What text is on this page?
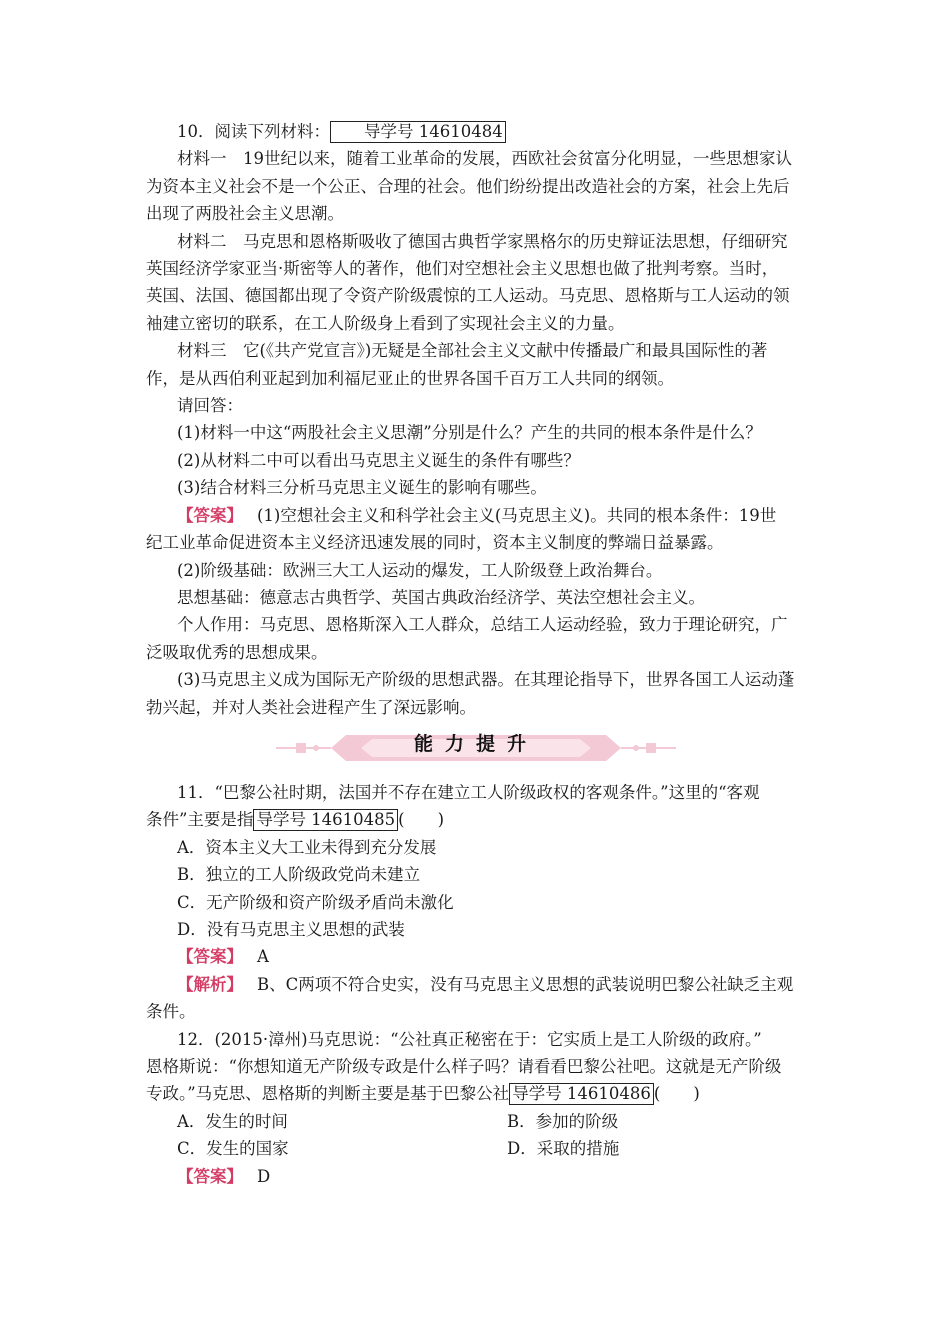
10．阅读下列材料： 导学号 14610484

材料一　19世纪以来，随着工业革命的发展，西欧社会贫富分化明显，一些思想家认

为资本主义社会不是一个公正、合理的社会。他们纷纷提出改造社会的方案，社会上先后

出现了两股社会主义思潮。

材料二　马克思和恩格斯吸收了德国古典哲学家黑格尔的历史辩证法思想，仔细研究

英国经济学家亚当·斯密等人的著作，他们对空想社会主义思想也做了批判考察。当时，

英国、法国、德国都出现了令资产阶级震惊的工人运动。马克思、恩格斯与工人运动的领

袖建立密切的联系，在工人阶级身上看到了实现社会主义的力量。

材料三　它(《共产党宣言》)无疑是全部社会主义文献中传播最广和最具国际性的著

作，是从西伯利亚起到加利福尼亚止的世界各国千百万工人共同的纲领。

请回答：

(1)材料一中这“两股社会主义思潮”分别是什么？产生的共同的根本条件是什么？

(2)从材料二中可以看出马克思主义诞生的条件有哪些？

(3)结合材料三分析马克思主义诞生的影响有哪些。

【答案】 (1)空想社会主义和科学社会主义(马克思主义)。共同的根本条件：19世

纪工业革命促进资本主义经济迅速发展的同时，资本主义制度的弊端日益暴露。

(2)阶级基础：欧洲三大工人运动的爆发，工人阶级登上政治舞台。

思想基础：德意志古典哲学、英国古典政治经济学、英法空想社会主义。

个人作用：马克思、恩格斯深入工人群众，总结工人运动经验，致力于理论研究，广

泛吸取优秀的思想成果。

(3)马克思主义成为国际无产阶级的思想武器。在其理论指导下，世界各国工人运动蓬

勃兴起，并对人类社会进程产生了深远影响。

能力提升

11．“巴黎公社时期，法国并不存在建立工人阶级政权的客观条件。”这里的“客观

条件”主要是指 导学号 14610485 (　　)

A．资本主义大工业未得到充分发展

B．独立的工人阶级政党尚未建立

C．无产阶级和资产阶级矛盾尚未激化

D．没有马克思主义思想的武装

【答案】 A

【解析】 B、C两项不符合史实，没有马克思主义思想的武装说明巴黎公社缺乏主观

条件。

12．(2015·漳州)马克思说：“公社真正秘密在于：它实质上是工人阶级的政府。”

恩格斯说：“你想知道无产阶级专政是什么样子吗？请看看巴黎公社吧。这就是无产阶级

专政。”马克思、恩格斯的判断主要是基于巴黎公社 导学号 14610486 (　　)

A．发生的时间	B．参加的阶级
C．发生的国家	D．采取的措施

【答案】 D
